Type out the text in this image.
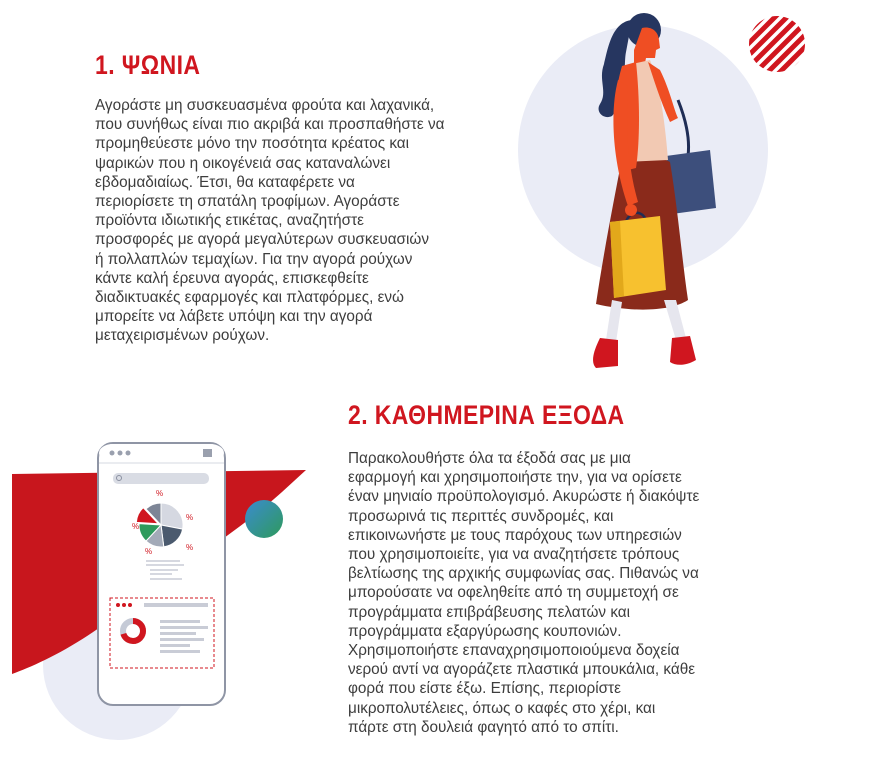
1. ΨΩΝΙΑ
Αγοράστε μη συσκευασμένα φρούτα και λαχανικά,
που συνήθως είναι πιο ακριβά και προσπαθήστε να
προμηθεύεστε μόνο την ποσότητα κρέατος και
ψαρικών που η οικογένειά σας καταναλώνει
εβδομαδιαίως. Έτσι, θα καταφέρετε να
περιορίσετε τη σπατάλη τροφίμων. Αγοράστε
προϊόντα ιδιωτικής ετικέτας, αναζητήστε
προσφορές με αγορά μεγαλύτερων συσκευασιών
ή πολλαπλών τεμαχίων. Για την αγορά ρούχων
κάντε καλή έρευνα αγοράς, επισκεφθείτε
διαδικτυακές εφαρμογές και πλατφόρμες, ενώ
μπορείτε να λάβετε υπόψη και την αγορά
μεταχειρισμένων ρούχων.
2. ΚΑΘΗΜΕΡΙΝΑ ΕΞΟΔΑ
Παρακολουθήστε όλα τα έξοδά σας με μια
εφαρμογή και χρησιμοποιήστε την, για να ορίσετε
έναν μηνιαίο προϋπολογισμό. Ακυρώστε ή διακόψτε
προσωρινά τις περιττές συνδρομές, και
επικοινωνήστε με τους παρόχους των υπηρεσιών
που χρησιμοποιείτε, για να αναζητήσετε τρόπους
βελτίωσης της αρχικής συμφωνίας σας. Πιθανώς να
μπορούσατε να οφεληθείτε από τη συμμετοχή σε
προγράμματα επιβράβευσης πελατών και
προγράμματα εξαργύρωσης κουπονιών.
Χρησιμοποιήστε επαναχρησιμοποιούμενα δοχεία
νερού αντί να αγοράζετε πλαστικά μπουκάλια, κάθε
φορά που είστε έξω. Επίσης, περιορίστε
μικροπολυτέλειες, όπως ο καφές στο χέρι, και
πάρτε στη δουλειά φαγητό από το σπίτι.
%
%
%
%
%
